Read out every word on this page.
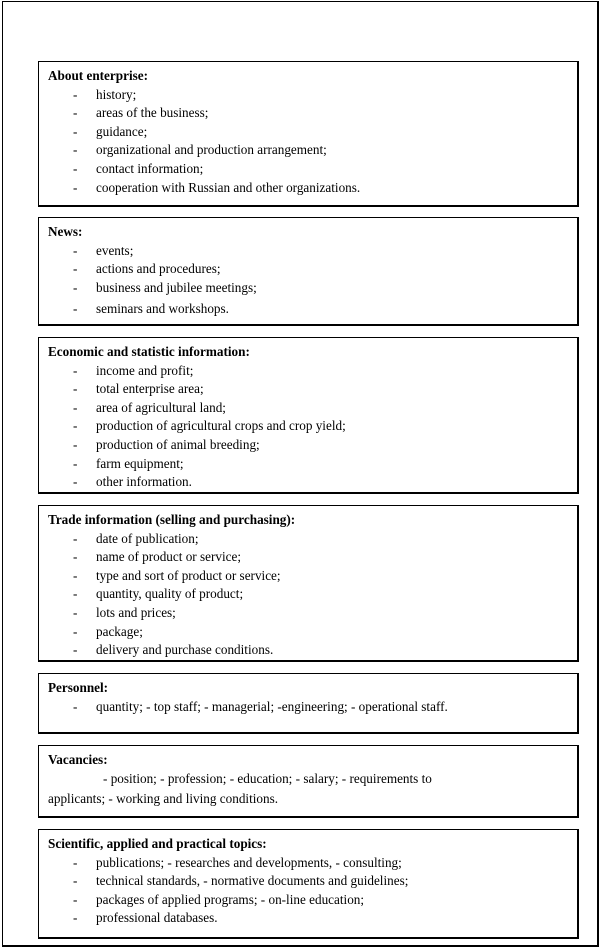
About enterprise:
- history;
- areas of the business;
- guidance;
- organizational and production arrangement;
- contact information;
- cooperation with Russian and other organizations.
News:
- events;
- actions and procedures;
- business and jubilee meetings;
- seminars and workshops.
Economic and statistic information:
- income and profit;
- total enterprise area;
- area of agricultural land;
- production of agricultural crops and crop yield;
- production of animal breeding;
- farm equipment;
- other information.
Trade information (selling and purchasing):
- date of publication;
- name of product or service;
- type and sort of product or service;
- quantity, quality of product;
- lots and prices;
- package;
- delivery and purchase conditions.
Personnel:
- quantity; - top staff; - managerial; -engineering; - operational staff.
Vacancies:
- position; - profession; - education; - salary; - requirements to
applicants; - working and living conditions.
Scientific, applied and practical topics:
- publications; - researches and developments, - consulting;
- technical standards, - normative documents and guidelines;
- packages of applied programs; - on-line education;
- professional databases.
